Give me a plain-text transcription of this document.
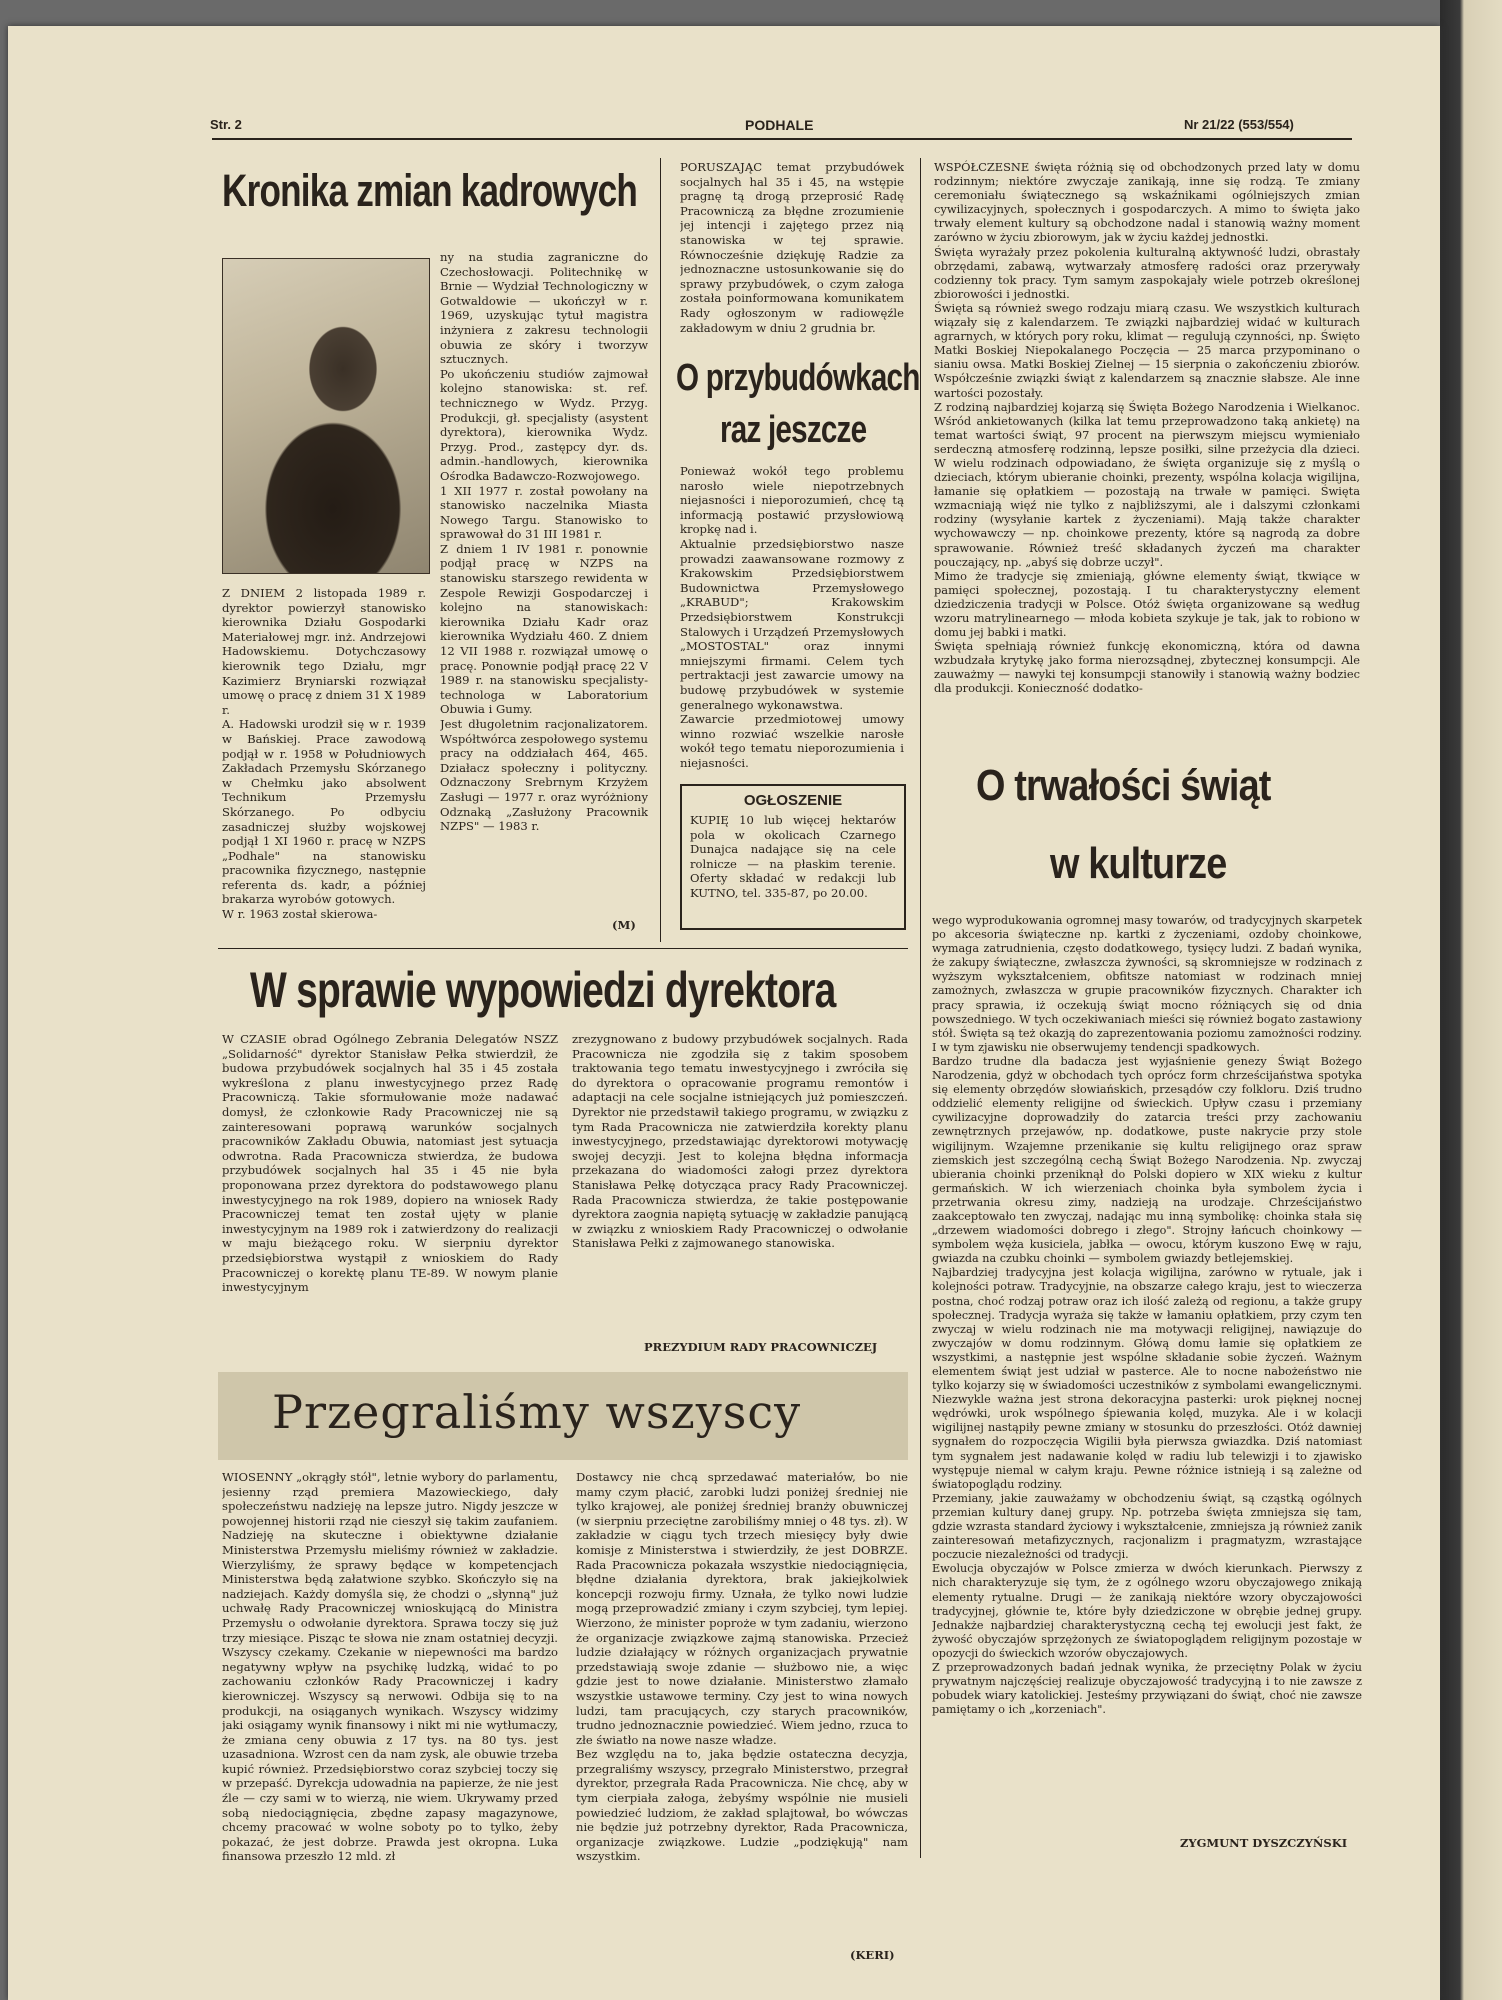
Str. 2	PODHALE	Nr 21/22 (553/554)
Kronika zmian kadrowych
Z DNIEM 2 listopada 1989 r. dyrektor powierzył stanowisko kierownika Działu Gospodarki Materiałowej mgr. inż. Andrzejowi Hadowskiemu. Dotychczasowy kierownik tego Działu, mgr Kazimierz Bryniarski rozwiązał umowę o pracę z dniem 31 X 1989 r.
A. Hadowski urodził się w r. 1939 w Bańskiej. Prace zawodową podjął w r. 1958 w Południowych Zakładach Przemysłu Skórzanego w Chełmku jako absolwent Technikum Przemysłu Skórzanego. Po odbyciu zasadniczej służby wojskowej podjął 1 XI 1960 r. pracę w NZPS „Podhale" na stanowisku pracownika fizycznego, następnie referenta ds. kadr, a później brakarza wyrobów gotowych.
W r. 1963 został skierowa-
ny na studia zagraniczne do Czechosłowacji. Politechnikę w Brnie — Wydział Technologiczny w Gotwaldowie — ukończył w r. 1969, uzyskując tytuł magistra inżyniera z zakresu technologii obuwia ze skóry i tworzyw sztucznych.
Po ukończeniu studiów zajmował kolejno stanowiska: st. ref. technicznego w Wydz. Przyg. Produkcji, gł. specjalisty (asystent dyrektora), kierownika Wydz. Przyg. Prod., zastępcy dyr. ds. admin.-handlowych, kierownika Ośrodka Badawczo-Rozwojowego.
1 XII 1977 r. został powołany na stanowisko naczelnika Miasta Nowego Targu. Stanowisko to sprawował do 31 III 1981 r.
Z dniem 1 IV 1981 r. ponownie podjął pracę w NZPS na stanowisku starszego rewidenta w Zespole Rewizji Gospodarczej i kolejno na stanowiskach: kierownika Działu Kadr oraz kierownika Wydziału 460. Z dniem 12 VII 1988 r. rozwiązał umowę o pracę. Ponownie podjął pracę 22 V 1989 r. na stanowisku specjalisty-technologa w Laboratorium Obuwia i Gumy.
Jest długoletnim racjonalizatorem. Współtwórca zespołowego systemu pracy na oddziałach 464, 465. Działacz społeczny i polityczny. Odznaczony Srebrnym Krzyżem Zasługi — 1977 r. oraz wyróżniony Odznaką „Zasłużony Pracownik NZPS" — 1983 r.
(M)
PORUSZAJĄC temat przybudówek socjalnych hal 35 i 45, na wstępie pragnę tą drogą przeprosić Radę Pracowniczą za błędne zrozumienie jej intencji i zajętego przez nią stanowiska w tej sprawie. Równocześnie dziękuję Radzie za jednoznaczne ustosunkowanie się do sprawy przybudówek, o czym załoga została poinformowana komunikatem Rady ogłoszonym w radiowęźle zakładowym w dniu 2 grudnia br.
O przybudówkach
raz jeszcze
Ponieważ wokół tego problemu narosło wiele niepotrzebnych niejasności i nieporozumień, chcę tą informacją postawić przysłowiową kropkę nad i.
Aktualnie przedsiębiorstwo nasze prowadzi zaawansowane rozmowy z Krakowskim Przedsiębiorstwem Budownictwa Przemysłowego „KRABUD"; Krakowskim Przedsiębiorstwem Konstrukcji Stalowych i Urządzeń Przemysłowych „MOSTOSTAL" oraz innymi mniejszymi firmami. Celem tych pertraktacji jest zawarcie umowy na budowę przybudówek w systemie generalnego wykonawstwa.
Zawarcie przedmiotowej umowy winno rozwiać wszelkie narosłe wokół tego tematu nieporozumienia i niejasności.
OGŁOSZENIE
KUPIĘ 10 lub więcej hektarów pola w okolicach Czarnego Dunajca nadające się na cele rolnicze — na płaskim terenie. Oferty składać w redakcji lub KUTNO, tel. 335-87, po 20.00.
WSPÓŁCZESNE święta różnią się od obchodzonych przed laty w domu rodzinnym; niektóre zwyczaje zanikają, inne się rodzą. Te zmiany ceremoniału świątecznego są wskaźnikami ogólniejszych zmian cywilizacyjnych, społecznych i gospodarczych. A mimo to święta jako trwały element kultury są obchodzone nadal i stanowią ważny moment zarówno w życiu zbiorowym, jak w życiu każdej jednostki.
Święta wyrażały przez pokolenia kulturalną aktywność ludzi, obrastały obrzędami, zabawą, wytwarzały atmosferę radości oraz przerywały codzienny tok pracy. Tym samym zaspokajały wiele potrzeb określonej zbiorowości i jednostki.
Święta są również swego rodzaju miarą czasu. We wszystkich kulturach wiązały się z kalendarzem. Te związki najbardziej widać w kulturach agrarnych, w których pory roku, klimat — regulują czynności, np. Święto Matki Boskiej Niepokalanego Poczęcia — 25 marca przypominano o sianiu owsa. Matki Boskiej Zielnej — 15 sierpnia o zakończeniu zbiorów. Współcześnie związki świąt z kalendarzem są znacznie słabsze. Ale inne wartości pozostały.
Z rodziną najbardziej kojarzą się Święta Bożego Narodzenia i Wielkanoc. Wśród ankietowanych (kilka lat temu przeprowadzono taką ankietę) na temat wartości świąt, 97 procent na pierwszym miejscu wymieniało serdeczną atmosferę rodzinną, lepsze posiłki, silne przeżycia dla dzieci. W wielu rodzinach odpowiadano, że święta organizuje się z myślą o dzieciach, którym ubieranie choinki, prezenty, wspólna kolacja wigilijna, łamanie się opłatkiem — pozostają na trwałe w pamięci. Święta wzmacniają więź nie tylko z najbliższymi, ale i dalszymi członkami rodziny (wysyłanie kartek z życzeniami). Mają także charakter wychowawczy — np. choinkowe prezenty, które są nagrodą za dobre sprawowanie. Również treść składanych życzeń ma charakter pouczający, np. „abyś się dobrze uczył".
Mimo że tradycje się zmieniają, główne elementy świąt, tkwiące w pamięci społecznej, pozostają. I tu charakterystyczny element dziedziczenia tradycji w Polsce. Otóż święta organizowane są według wzoru matrylinearnego — młoda kobieta szykuje je tak, jak to robiono w domu jej babki i matki.
Święta spełniają również funkcję ekonomiczną, która od dawna wzbudzała krytykę jako forma nierozsądnej, zbytecznej konsumpcji. Ale zauważmy — nawyki tej konsumpcji stanowiły i stanowią ważny bodziec dla produkcji. Konieczność dodatko-
O trwałości świąt
w kulturze
wego wyprodukowania ogromnej masy towarów, od tradycyjnych skarpetek po akcesoria świąteczne np. kartki z życzeniami, ozdoby choinkowe, wymaga zatrudnienia, często dodatkowego, tysięcy ludzi. Z badań wynika, że zakupy świąteczne, zwłaszcza żywności, są skromniejsze w rodzinach z wyższym wykształceniem, obfitsze natomiast w rodzinach mniej zamożnych, zwłaszcza w grupie pracowników fizycznych. Charakter ich pracy sprawia, iż oczekują świąt mocno różniących się od dnia powszedniego. W tych oczekiwaniach mieści się również bogato zastawiony stół. Święta są też okazją do zaprezentowania poziomu zamożności rodziny. I w tym zjawisku nie obserwujemy tendencji spadkowych.
Bardzo trudne dla badacza jest wyjaśnienie genezy Świąt Bożego Narodzenia, gdyż w obchodach tych oprócz form chrześcijaństwa spotyka się elementy obrzędów słowiańskich, przesądów czy folkloru. Dziś trudno oddzielić elementy religijne od świeckich. Upływ czasu i przemiany cywilizacyjne doprowadziły do zatarcia treści przy zachowaniu zewnętrznych przejawów, np. dodatkowe, puste nakrycie przy stole wigilijnym. Wzajemne przenikanie się kultu religijnego oraz spraw ziemskich jest szczególną cechą Świąt Bożego Narodzenia. Np. zwyczaj ubierania choinki przeniknął do Polski dopiero w XIX wieku z kultur germańskich. W ich wierzeniach choinka była symbolem życia i przetrwania okresu zimy, nadzieją na urodzaje. Chrześcijaństwo zaakceptowało ten zwyczaj, nadając mu inną symbolikę: choinka stała się „drzewem wiadomości dobrego i złego". Strojny łańcuch choinkowy — symbolem węża kusiciela, jabłka — owocu, którym kuszono Ewę w raju, gwiazda na czubku choinki — symbolem gwiazdy betlejemskiej.
Najbardziej tradycyjna jest kolacja wigilijna, zarówno w rytuale, jak i kolejności potraw. Tradycyjnie, na obszarze całego kraju, jest to wieczerza postna, choć rodzaj potraw oraz ich ilość zależą od regionu, a także grupy społecznej. Tradycja wyraża się także w łamaniu opłatkiem, przy czym ten zwyczaj w wielu rodzinach nie ma motywacji religijnej, nawiązuje do zwyczajów w domu rodzinnym. Główą domu łamie się opłatkiem ze wszystkimi, a następnie jest wspólne składanie sobie życzeń. Ważnym elementem świąt jest udział w pasterce. Ale to nocne nabożeństwo nie tylko kojarzy się w świadomości uczestników z symbolami ewangelicznymi. Niezwykle ważna jest strona dekoracyjna pasterki: urok pięknej nocnej wędrówki, urok wspólnego śpiewania kolęd, muzyka. Ale i w kolacji wigilijnej nastąpiły pewne zmiany w stosunku do przeszłości. Otóż dawniej sygnałem do rozpoczęcia Wigilii była pierwsza gwiazdka. Dziś natomiast tym sygnałem jest nadawanie kolęd w radiu lub telewizji i to zjawisko występuje niemal w całym kraju. Pewne różnice istnieją i są zależne od światopoglądu rodziny.
Przemiany, jakie zauważamy w obchodzeniu świąt, są cząstką ogólnych przemian kultury danej grupy. Np. potrzeba święta zmniejsza się tam, gdzie wzrasta standard życiowy i wykształcenie, zmniejsza ją również zanik zainteresowań metafizycznych, racjonalizm i pragmatyzm, wzrastające poczucie niezależności od tradycji.
Ewolucja obyczajów w Polsce zmierza w dwóch kierunkach. Pierwszy z nich charakteryzuje się tym, że z ogólnego wzoru obyczajowego znikają elementy rytualne. Drugi — że zanikają niektóre wzory obyczajowości tradycyjnej, głównie te, które były dziedziczone w obrębie jednej grupy. Jednakże najbardziej charakterystyczną cechą tej ewolucji jest fakt, że żywość obyczajów sprzężonych ze światopoglądem religijnym pozostaje w opozycji do świeckich wzorów obyczajowych.
Z przeprowadzonych badań jednak wynika, że przeciętny Polak w życiu prywatnym najczęściej realizuje obyczajowość tradycyjną i to nie zawsze z pobudek wiary katolickiej. Jesteśmy przywiązani do świąt, choć nie zawsze pamiętamy o ich „korzeniach".
ZYGMUNT DYSZCZYŃSKI
W sprawie wypowiedzi dyrektora
W CZASIE obrad Ogólnego Zebrania Delegatów NSZZ „Solidarność" dyrektor Stanisław Pełka stwierdził, że budowa przybudówek socjalnych hal 35 i 45 została wykreślona z planu inwestycyjnego przez Radę Pracowniczą. Takie sformułowanie może nadawać domysł, że członkowie Rady Pracowniczej nie są zainteresowani poprawą warunków socjalnych pracowników Zakładu Obuwia, natomiast jest sytuacja odwrotna. Rada Pracownicza stwierdza, że budowa przybudówek socjalnych hal 35 i 45 nie była proponowana przez dyrektora do podstawowego planu inwestycyjnego na rok 1989, dopiero na wniosek Rady Pracowniczej temat ten został ujęty w planie inwestycyjnym na 1989 rok i zatwierdzony do realizacji w maju bieżącego roku. W sierpniu dyrektor przedsiębiorstwa wystąpił z wnioskiem do Rady Pracowniczej o korektę planu TE-89. W nowym planie inwestycyjnym
zrezygnowano z budowy przybudówek socjalnych. Rada Pracownicza nie zgodziła się z takim sposobem traktowania tego tematu inwestycyjnego i zwróciła się do dyrektora o opracowanie programu remontów i adaptacji na cele socjalne istniejących już pomieszczeń. Dyrektor nie przedstawił takiego programu, w związku z tym Rada Pracownicza nie zatwierdziła korekty planu inwestycyjnego, przedstawiając dyrektorowi motywację swojej decyzji. Jest to kolejna błędna informacja przekazana do wiadomości załogi przez dyrektora Stanisława Pełkę dotycząca pracy Rady Pracowniczej. Rada Pracownicza stwierdza, że takie postępowanie dyrektora zaognia napiętą sytuację w zakładzie panującą w związku z wnioskiem Rady Pracowniczej o odwołanie Stanisława Pełki z zajmowanego stanowiska.
PREZYDIUM RADY PRACOWNICZEJ
Przegraliśmy wszyscy
WIOSENNY „okrągły stół", letnie wybory do parlamentu, jesienny rząd premiera Mazowieckiego, dały społeczeństwu nadzieję na lepsze jutro. Nigdy jeszcze w powojennej historii rząd nie cieszył się takim zaufaniem. Nadzieję na skuteczne i obiektywne działanie Ministerstwa Przemysłu mieliśmy również w zakładzie. Wierzyliśmy, że sprawy będące w kompetencjach Ministerstwa będą załatwione szybko. Skończyło się na nadziejach. Każdy domyśla się, że chodzi o „słynną" już uchwałę Rady Pracowniczej wnioskującą do Ministra Przemysłu o odwołanie dyrektora. Sprawa toczy się już trzy miesiące. Pisząc te słowa nie znam ostatniej decyzji. Wszyscy czekamy. Czekanie w niepewności ma bardzo negatywny wpływ na psychikę ludzką, widać to po zachowaniu członków Rady Pracowniczej i kadry kierowniczej. Wszyscy są nerwowi. Odbija się to na produkcji, na osiąganych wynikach. Wszyscy widzimy jaki osiągamy wynik finansowy i nikt mi nie wytłumaczy, że zmiana ceny obuwia z 17 tys. na 80 tys. jest uzasadniona. Wzrost cen da nam zysk, ale obuwie trzeba kupić również. Przedsiębiorstwo coraz szybciej toczy się w przepaść. Dyrekcja udowadnia na papierze, że nie jest źle — czy sami w to wierzą, nie wiem. Ukrywamy przed sobą niedociągnięcia, zbędne zapasy magazynowe, chcemy pracować w wolne soboty po to tylko, żeby pokazać, że jest dobrze. Prawda jest okropna. Luka finansowa przeszło 12 mld. zł
Dostawcy nie chcą sprzedawać materiałów, bo nie mamy czym płacić, zarobki ludzi poniżej średniej nie tylko krajowej, ale poniżej średniej branży obuwniczej (w sierpniu przeciętne zarobiliśmy mniej o 48 tys. zł). W zakładzie w ciągu tych trzech miesięcy były dwie komisje z Ministerstwa i stwierdziły, że jest DOBRZE. Rada Pracownicza pokazała wszystkie niedociągnięcia, błędne działania dyrektora, brak jakiejkolwiek koncepcji rozwoju firmy. Uznała, że tylko nowi ludzie mogą przeprowadzić zmiany i czym szybciej, tym lepiej. Wierzono, że minister poproże w tym zadaniu, wierzono że organizacje związkowe zajmą stanowiska. Przecież ludzie działający w różnych organizacjach prywatnie przedstawiają swoje zdanie — służbowo nie, a więc gdzie jest to nowe działanie. Ministerstwo złamało wszystkie ustawowe terminy. Czy jest to wina nowych ludzi, tam pracujących, czy starych pracowników, trudno jednoznacznie powiedzieć. Wiem jedno, rzuca to złe światło na nowe nasze władze.
Bez względu na to, jaka będzie ostateczna decyzja, przegraliśmy wszyscy, przegrało Ministerstwo, przegrał dyrektor, przegrała Rada Pracownicza. Nie chcę, aby w tym cierpiała załoga, żebyśmy wspólnie nie musieli powiedzieć ludziom, że zakład splajtował, bo wówczas nie będzie już potrzebny dyrektor, Rada Pracownicza, organizacje związkowe. Ludzie „podziękują" nam wszystkim.
(KERI)
